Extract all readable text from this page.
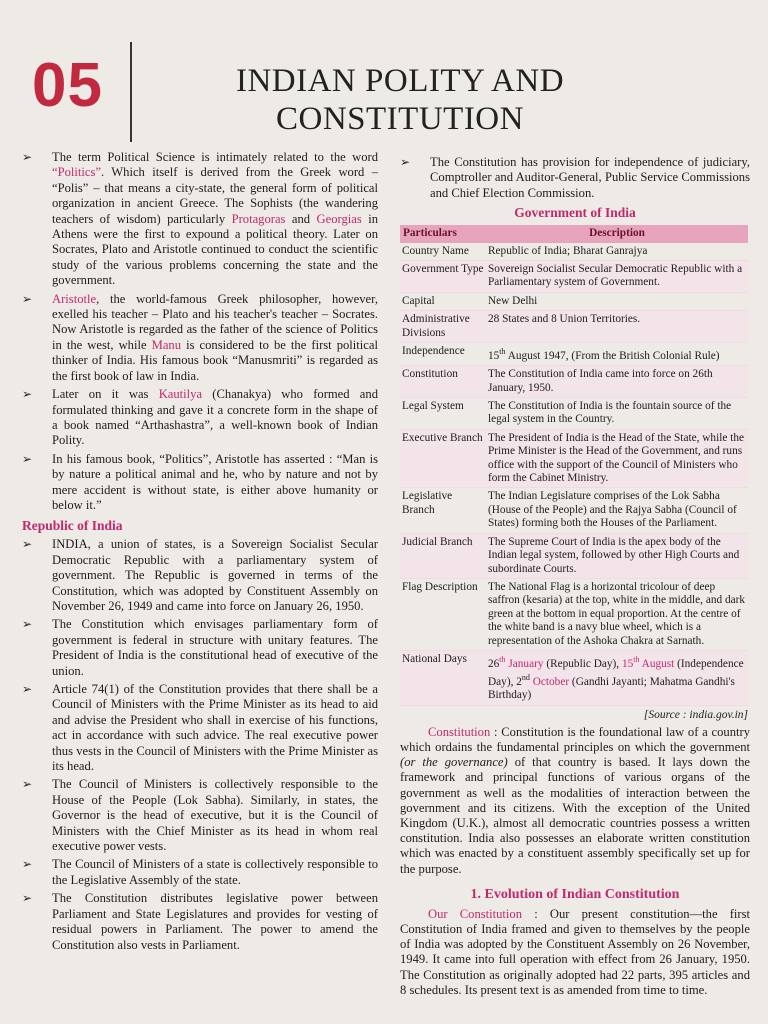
05	INDIAN POLITY AND
CONSTITUTION
➢ The term Political Science is intimately related to the word “Politics”. Which itself is derived from the Greek word – “Polis” – that means a city-state, the general form of political organization in ancient Greece. The Sophists (the wandering teachers of wisdom) particularly Protagoras and Georgias in Athens were the first to expound a political theory. Later on Socrates, Plato and Aristotle continued to conduct the scientific study of the various problems concerning the state and the government.
➢ Aristotle, the world-famous Greek philosopher, however, exelled his teacher – Plato and his teacher's teacher – Socrates. Now Aristotle is regarded as the father of the science of Politics in the west, while Manu is considered to be the first political thinker of India. His famous book “Manusmriti” is regarded as the first book of law in India.
➢ Later on it was Kautilya (Chanakya) who formed and formulated thinking and gave it a concrete form in the shape of a book named “Arthashastra”, a well-known book of Indian Polity.
➢ In his famous book, “Politics”, Aristotle has asserted : “Man is by nature a political animal and he, who by nature and not by mere accident is without state, is either above humanity or below it.”
Republic of India
➢ INDIA, a union of states, is a Sovereign Socialist Secular Democratic Republic with a parliamentary system of government. The Republic is governed in terms of the Constitution, which was adopted by Constituent Assembly on November 26, 1949 and came into force on January 26, 1950.
➢ The Constitution which envisages parliamentary form of government is federal in structure with unitary features. The President of India is the constitutional head of executive of the union.
➢ Article 74(1) of the Constitution provides that there shall be a Council of Ministers with the Prime Minister as its head to aid and advise the President who shall in exercise of his functions, act in accordance with such advice. The real executive power thus vests in the Council of Ministers with the Prime Minister as its head.
➢ The Council of Ministers is collectively responsible to the House of the People (Lok Sabha). Similarly, in states, the Governor is the head of executive, but it is the Council of Ministers with the Chief Minister as its head in whom real executive power vests.
➢ The Council of Ministers of a state is collectively responsible to the Legislative Assembly of the state.
➢ The Constitution distributes legislative power between Parliament and State Legislatures and provides for vesting of residual powers in Parliament. The power to amend the Constitution also vests in Parliament.
➢ The Constitution has provision for independence of judiciary, Comptroller and Auditor-General, Public Service Commissions and Chief Election Commission.
Government of India
Particulars	Description
Country Name	Republic of India; Bharat Ganrajya
Government Type	Sovereign Socialist Secular Democratic Republic with a Parliamentary system of Government.
Capital	New Delhi
Administrative Divisions	28 States and 8 Union Territories.
Independence	15th August 1947, (From the British Colonial Rule)
Constitution	The Constitution of India came into force on 26th January, 1950.
Legal System	The Constitution of India is the fountain source of the legal system in the Country.
Executive Branch	The President of India is the Head of the State, while the Prime Minister is the Head of the Government, and runs office with the support of the Council of Ministers who form the Cabinet Ministry.
Legislative Branch	The Indian Legislature comprises of the Lok Sabha (House of the People) and the Rajya Sabha (Council of States) forming both the Houses of the Parliament.
Judicial Branch	The Supreme Court of India is the apex body of the Indian legal system, followed by other High Courts and subordinate Courts.
Flag Description	The National Flag is a horizontal tricolour of deep saffron (kesaria) at the top, white in the middle, and dark green at the bottom in equal proportion. At the centre of the white band is a navy blue wheel, which is a representation of the Ashoka Chakra at Sarnath.
National Days	26th January (Republic Day), 15th August (Independence Day), 2nd October (Gandhi Jayanti; Mahatma Gandhi's Birthday)
[Source : india.gov.in]

Constitution : Constitution is the foundational law of a country which ordains the fundamental principles on which the government (or the governance) of that country is based. It lays down the framework and principal functions of various organs of the government as well as the modalities of interaction between the government and its citizens. With the exception of the United Kingdom (U.K.), almost all democratic countries possess a written constitution. India also possesses an elaborate written constitution which was enacted by a constituent assembly specifically set up for the purpose.

1. Evolution of Indian Constitution

Our Constitution : Our present constitution—the first Constitution of India framed and given to themselves by the people of India was adopted by the Constituent Assembly on 26 November, 1949. It came into full operation with effect from 26 January, 1950. The Constitution as originally adopted had 22 parts, 395 articles and 8 schedules. Its present text is as amended from time to time.
